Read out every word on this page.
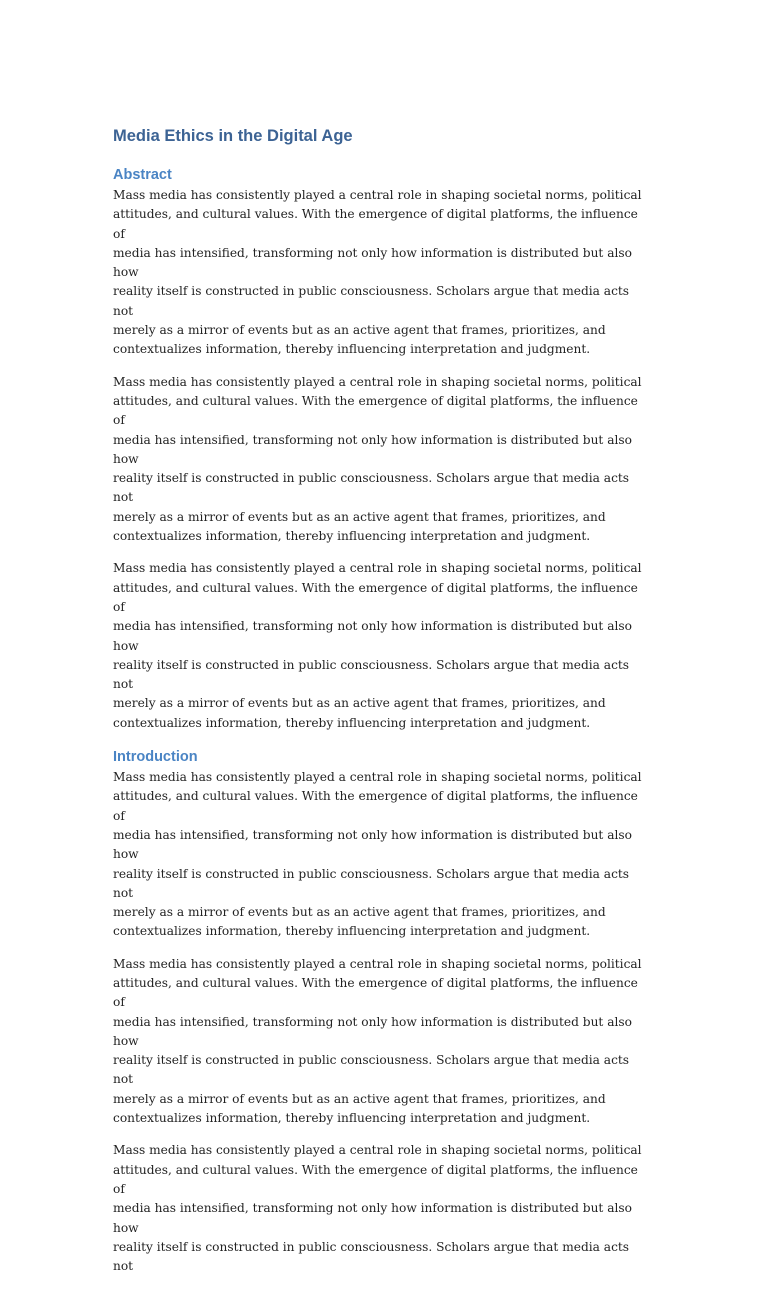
Media Ethics in the Digital Age
Abstract

Mass media has consistently played a central role in shaping societal norms, political
attitudes, and cultural values. With the emergence of digital platforms, the influence of
media has intensified, transforming not only how information is distributed but also how
reality itself is constructed in public consciousness. Scholars argue that media acts not
merely as a mirror of events but as an active agent that frames, prioritizes, and
contextualizes information, thereby influencing interpretation and judgment.

Mass media has consistently played a central role in shaping societal norms, political
attitudes, and cultural values. With the emergence of digital platforms, the influence of
media has intensified, transforming not only how information is distributed but also how
reality itself is constructed in public consciousness. Scholars argue that media acts not
merely as a mirror of events but as an active agent that frames, prioritizes, and
contextualizes information, thereby influencing interpretation and judgment.

Mass media has consistently played a central role in shaping societal norms, political
attitudes, and cultural values. With the emergence of digital platforms, the influence of
media has intensified, transforming not only how information is distributed but also how
reality itself is constructed in public consciousness. Scholars argue that media acts not
merely as a mirror of events but as an active agent that frames, prioritizes, and
contextualizes information, thereby influencing interpretation and judgment.

Introduction

Mass media has consistently played a central role in shaping societal norms, political
attitudes, and cultural values. With the emergence of digital platforms, the influence of
media has intensified, transforming not only how information is distributed but also how
reality itself is constructed in public consciousness. Scholars argue that media acts not
merely as a mirror of events but as an active agent that frames, prioritizes, and
contextualizes information, thereby influencing interpretation and judgment.

Mass media has consistently played a central role in shaping societal norms, political
attitudes, and cultural values. With the emergence of digital platforms, the influence of
media has intensified, transforming not only how information is distributed but also how
reality itself is constructed in public consciousness. Scholars argue that media acts not
merely as a mirror of events but as an active agent that frames, prioritizes, and
contextualizes information, thereby influencing interpretation and judgment.

Mass media has consistently played a central role in shaping societal norms, political
attitudes, and cultural values. With the emergence of digital platforms, the influence of
media has intensified, transforming not only how information is distributed but also how
reality itself is constructed in public consciousness. Scholars argue that media acts not
